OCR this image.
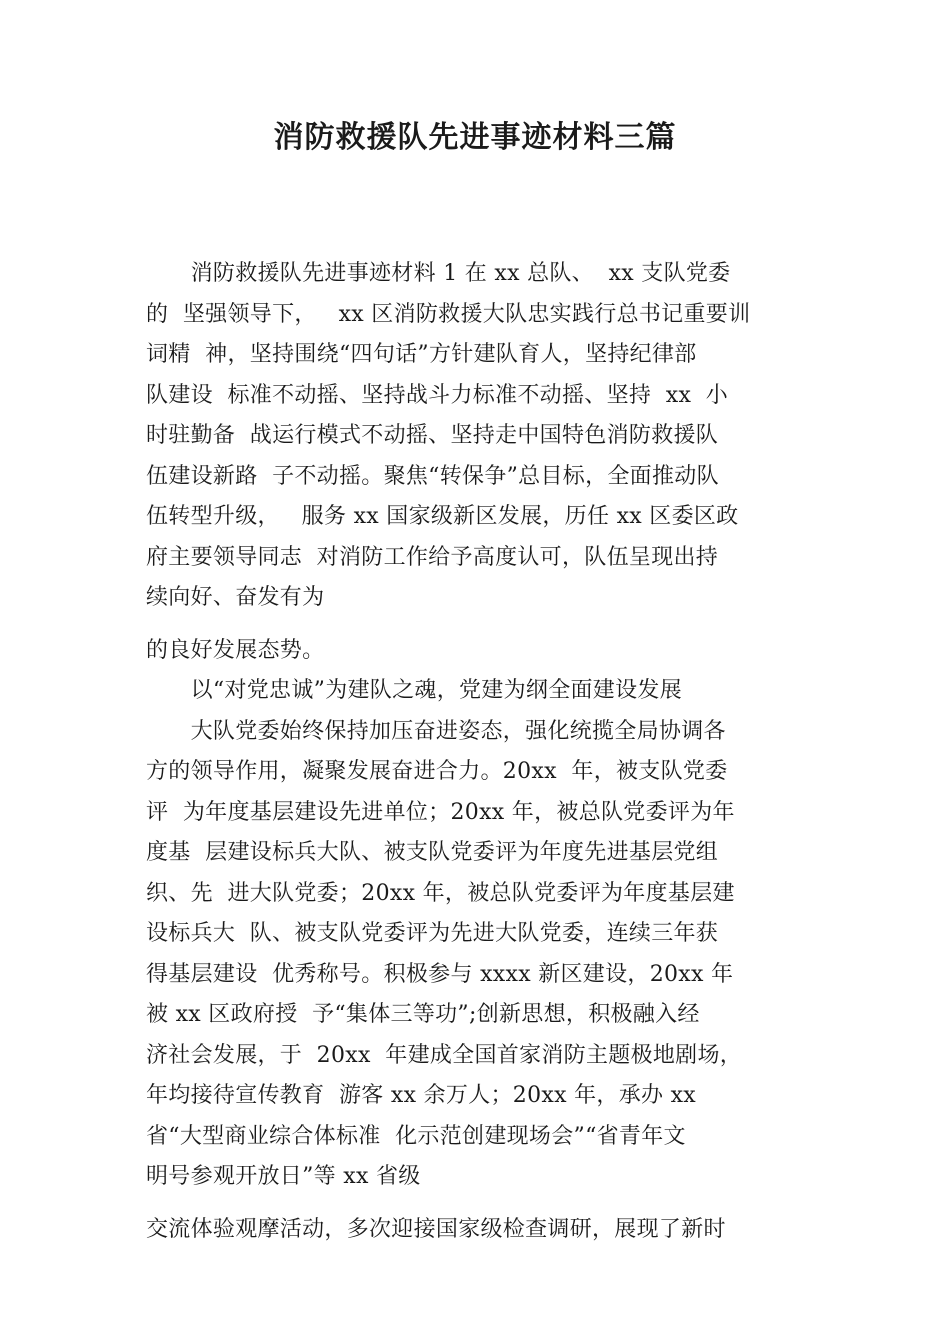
消防救援队先进事迹材料三篇

　　消防救援队先进事迹材料 1 在 xx 总队、  xx 支队党委

的  坚强领导下，   xx 区消防救援大队忠实践行总书记重要训

词精  神，坚持围绕“四句话”方针建队育人，坚持纪律部

队建设  标准不动摇、坚持战斗力标准不动摇、坚持  xx  小

时驻勤备  战运行模式不动摇、坚持走中国特色消防救援队

伍建设新路  子不动摇。聚焦“转保争”总目标，全面推动队

伍转型升级，   服务 xx 国家级新区发展，历任 xx 区委区政

府主要领导同志  对消防工作给予高度认可，队伍呈现出持

续向好、奋发有为

的良好发展态势。

　　以“对党忠诚”为建队之魂，党建为纲全面建设发展

　　大队党委始终保持加压奋进姿态，强化统揽全局协调各

方的领导作用，凝聚发展奋进合力。20xx  年，被支队党委

评  为年度基层建设先进单位；20xx 年，被总队党委评为年

度基  层建设标兵大队、被支队党委评为年度先进基层党组

织、先  进大队党委；20xx 年，被总队党委评为年度基层建

设标兵大  队、被支队党委评为先进大队党委，连续三年获

得基层建设  优秀称号。积极参与 xxxx 新区建设，20xx 年

被 xx 区政府授  予“集体三等功”;创新思想，积极融入经

济社会发展，于  20xx  年建成全国首家消防主题极地剧场，

年均接待宣传教育  游客 xx 余万人；20xx 年，承办 xx

省“大型商业综合体标准  化示范创建现场会”“省青年文

明号参观开放日”等 xx 省级

交流体验观摩活动，多次迎接国家级检查调研，展现了新时
